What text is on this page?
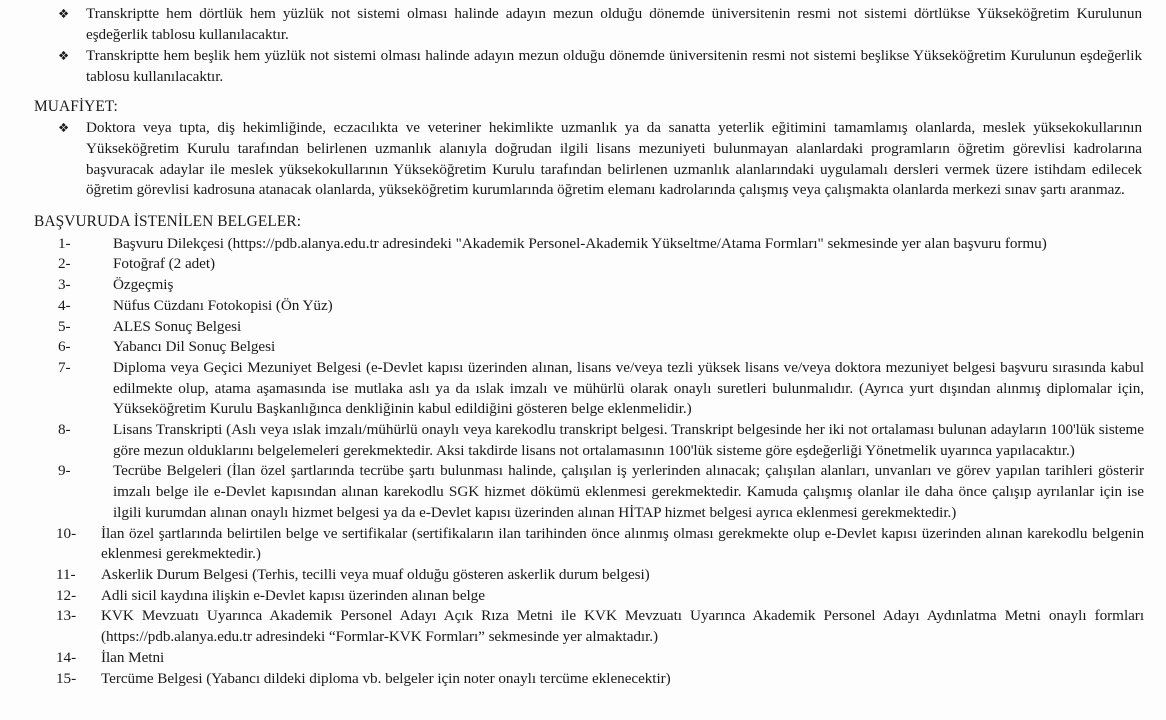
❖ Transkriptte hem dörtlük hem yüzlük not sistemi olması halinde adayın mezun olduğu dönemde üniversitenin resmi not sistemi dörtlükse Yükseköğretim Kurulunun eşdeğerlik tablosu kullanılacaktır.
❖ Transkriptte hem beşlik hem yüzlük not sistemi olması halinde adayın mezun olduğu dönemde üniversitenin resmi not sistemi beşlikse Yükseköğretim Kurulunun eşdeğerlik tablosu kullanılacaktır.
MUAFİYET:
❖ Doktora veya tıpta, diş hekimliğinde, eczacılıkta ve veteriner hekimlikte uzmanlık ya da sanatta yeterlik eğitimini tamamlamış olanlarda, meslek yüksekokullarının Yükseköğretim Kurulu tarafından belirlenen uzmanlık alanıyla doğrudan ilgili lisans mezuniyeti bulunmayan alanlardaki programların öğretim görevlisi kadrolarına başvuracak adaylar ile meslek yüksekokullarının Yükseköğretim Kurulu tarafından belirlenen uzmanlık alanlarındaki uygulamalı dersleri vermek üzere istihdam edilecek öğretim görevlisi kadrosuna atanacak olanlarda, yükseköğretim kurumlarında öğretim elemanı kadrolarında çalışmış veya çalışmakta olanlarda merkezi sınav şartı aranmaz.
BAŞVURUDA İSTENİLEN BELGELER:
1-	Başvuru Dilekçesi (https://pdb.alanya.edu.tr adresindeki "Akademik Personel-Akademik Yükseltme/Atama Formları" sekmesinde yer alan başvuru formu)
2-	Fotoğraf (2 adet)
3-	Özgeçmiş
4-	Nüfus Cüzdanı Fotokopisi (Ön Yüz)
5-	ALES Sonuç Belgesi
6-	Yabancı Dil Sonuç Belgesi
7-	Diploma veya Geçici Mezuniyet Belgesi (e-Devlet kapısı üzerinden alınan, lisans ve/veya tezli yüksek lisans ve/veya doktora mezuniyet belgesi başvuru sırasında kabul edilmekte olup, atama aşamasında ise mutlaka aslı ya da ıslak imzalı ve mühürlü olarak onaylı suretleri bulunmalıdır. (Ayrıca yurt dışından alınmış diplomalar için, Yükseköğretim Kurulu Başkanlığınca denkliğinin kabul edildiğini gösteren belge eklenmelidir.)
8-	Lisans Transkripti (Aslı veya ıslak imzalı/mühürlü onaylı veya karekodlu transkript belgesi. Transkript belgesinde her iki not ortalaması bulunan adayların 100'lük sisteme göre mezun olduklarını belgelemeleri gerekmektedir. Aksi takdirde lisans not ortalamasının 100'lük sisteme göre eşdeğerliği Yönetmelik uyarınca yapılacaktır.)
9-	Tecrübe Belgeleri (İlan özel şartlarında tecrübe şartı bulunması halinde, çalışılan iş yerlerinden alınacak; çalışılan alanları, unvanları ve görev yapılan tarihleri gösterir imzalı belge ile e-Devlet kapısından alınan karekodlu SGK hizmet dökümü eklenmesi gerekmektedir. Kamuda çalışmış olanlar ile daha önce çalışıp ayrılanlar için ise ilgili kurumdan alınan onaylı hizmet belgesi ya da e-Devlet kapısı üzerinden alınan HİTAP hizmet belgesi ayrıca eklenmesi gerekmektedir.)
10-	İlan özel şartlarında belirtilen belge ve sertifikalar (sertifikaların ilan tarihinden önce alınmış olması gerekmekte olup e-Devlet kapısı üzerinden alınan karekodlu belgenin eklenmesi gerekmektedir.)
11-	Askerlik Durum Belgesi (Terhis, tecilli veya muaf olduğu gösteren askerlik durum belgesi)
12-	Adli sicil kaydına ilişkin e-Devlet kapısı üzerinden alınan belge
13-	KVK Mevzuatı Uyarınca Akademik Personel Adayı Açık Rıza Metni ile KVK Mevzuatı Uyarınca Akademik Personel Adayı Aydınlatma Metni onaylı formları (https://pdb.alanya.edu.tr adresindeki “Formlar-KVK Formları” sekmesinde yer almaktadır.)
14-	İlan Metni
15-	Tercüme Belgesi (Yabancı dildeki diploma vb. belgeler için noter onaylı tercüme eklenecektir)
